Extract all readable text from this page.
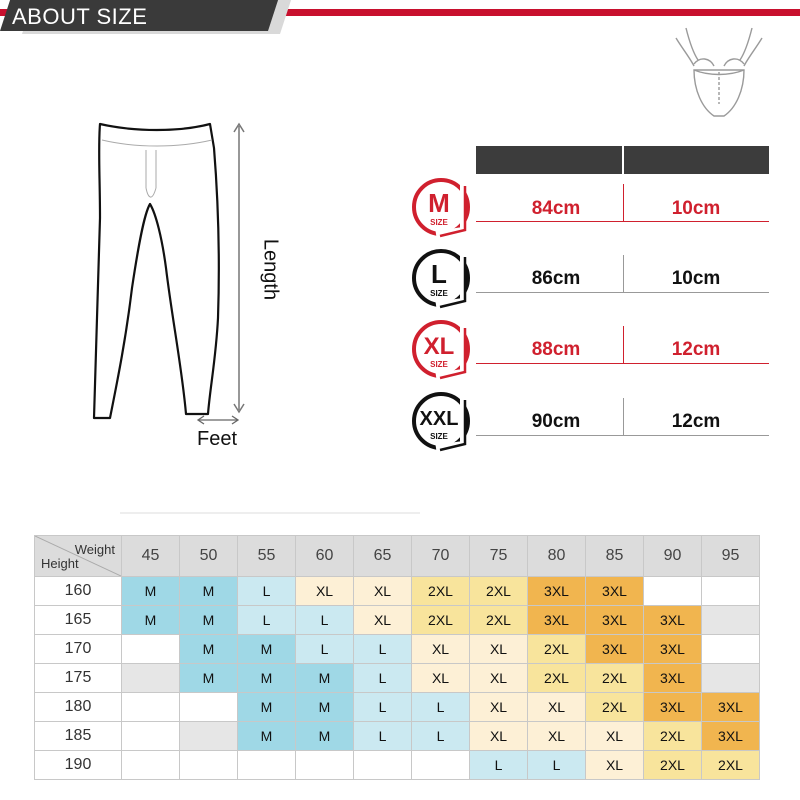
ABOUT SIZE
Length
Feet
M
SIZE
84cm	10cm
L
SIZE
86cm	10cm
XL
SIZE
88cm	12cm
XXL
SIZE
90cm	12cm
Weight
Height	45	50	55	60	65	70	75	80	85	90	95
160	M	M	L	XL	XL	2XL	2XL	3XL	3XL		
165	M	M	L	L	XL	2XL	2XL	3XL	3XL	3XL	
170		M	M	L	L	XL	XL	2XL	3XL	3XL	
175		M	M	M	L	XL	XL	2XL	2XL	3XL	
180			M	M	L	L	XL	XL	2XL	3XL	3XL
185			M	M	L	L	XL	XL	XL	2XL	3XL
190							L	L	XL	2XL	2XL
